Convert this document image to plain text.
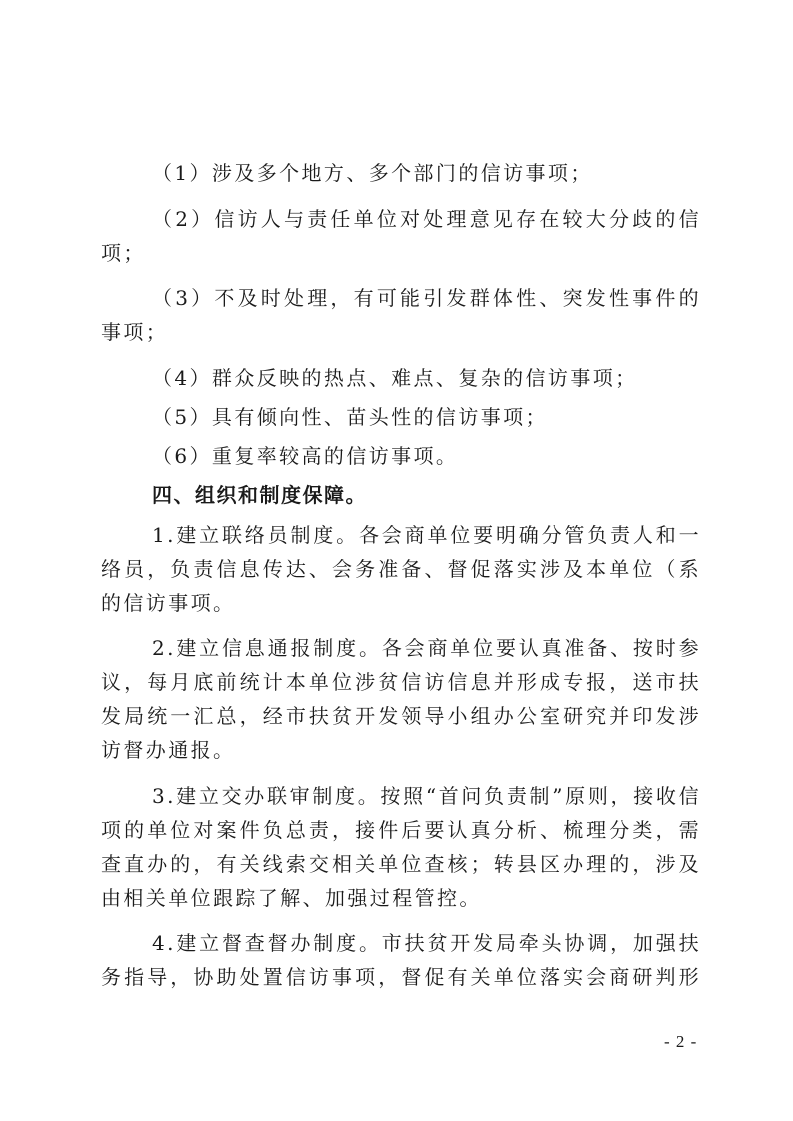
（1）涉及多个地方、多个部门的信访事项；
（2）信访人与责任单位对处理意见存在较大分歧的信
项；
（3）不及时处理，有可能引发群体性、突发性事件的
事项；
（4）群众反映的热点、难点、复杂的信访事项；
（5）具有倾向性、苗头性的信访事项；
（6）重复率较高的信访事项。
四、组织和制度保障。
1.建立联络员制度。各会商单位要明确分管负责人和一
络员，负责信息传达、会务准备、督促落实涉及本单位（系
的信访事项。
2.建立信息通报制度。各会商单位要认真准备、按时参
议，每月底前统计本单位涉贫信访信息并形成专报，送市扶
发局统一汇总，经市扶贫开发领导小组办公室研究并印发涉
访督办通报。
3.建立交办联审制度。按照“首问负责制”原则，接收信
项的单位对案件负总责，接件后要认真分析、梳理分类，需
查直办的，有关线索交相关单位查核；转县区办理的，涉及
由相关单位跟踪了解、加强过程管控。
4.建立督查督办制度。市扶贫开发局牵头协调，加强扶
务指导，协助处置信访事项，督促有关单位落实会商研判形
- 2 -
